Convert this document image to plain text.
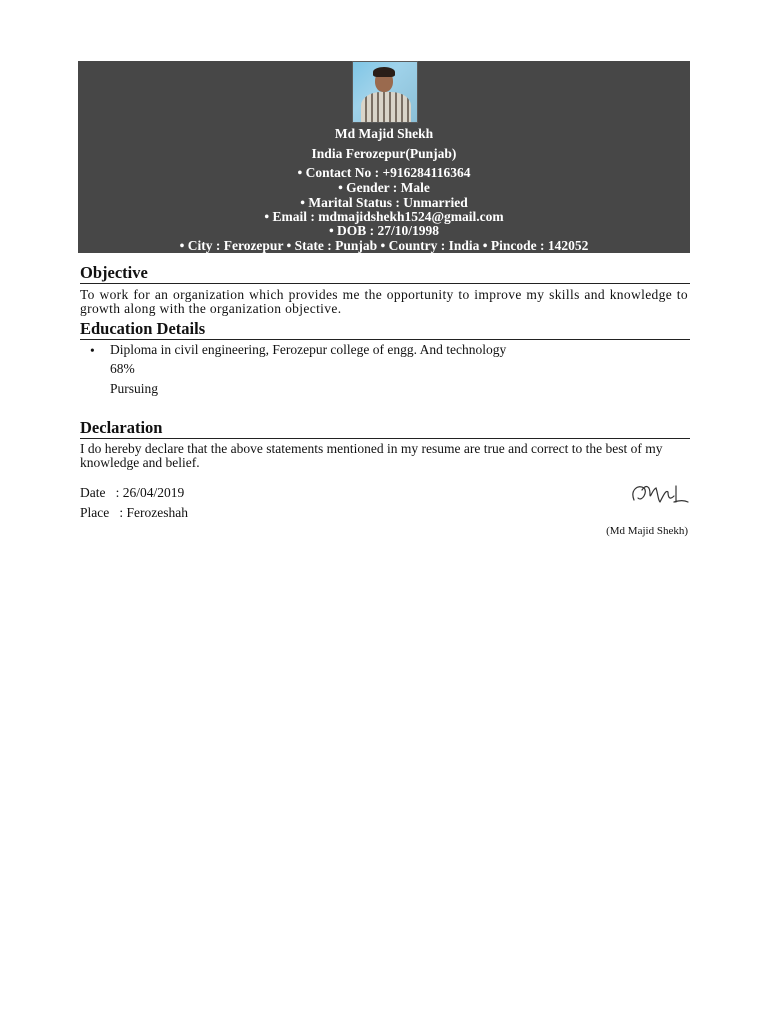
Md Majid Shekh
India Ferozepur(Punjab)
• Contact No : +916284116364
• Gender : Male
• Marital Status : Unmarried
• Email : mdmajidshekh1524@gmail.com
• DOB : 27/10/1998
• City : Ferozepur • State : Punjab • Country : India • Pincode : 142052
Objective
To work for an organization which provides me the opportunity to improve my skills and knowledge to growth along with the organization objective.
Education Details
• Diploma in civil engineering, Ferozepur college of engg. And technology
68%
Pursuing
Declaration
I do hereby declare that the above statements mentioned in my resume are true and correct to the best of my knowledge and belief.
Date   : 26/04/2019
Place   : Ferozeshah
(Md Majid Shekh)
